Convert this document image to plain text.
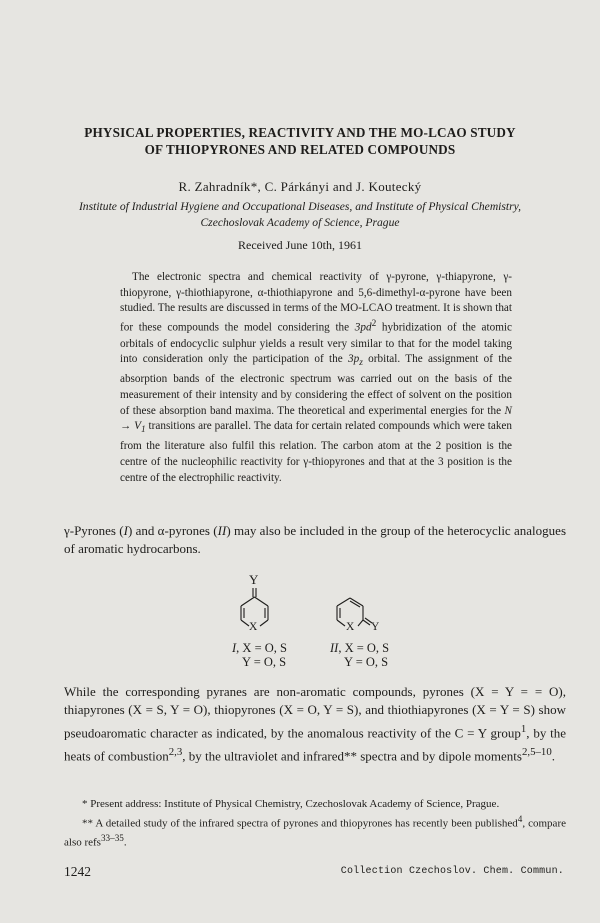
PHYSICAL PROPERTIES, REACTIVITY AND THE MO-LCAO STUDY
OF THIOPYRONES AND RELATED COMPOUNDS
R. Zahradník*, C. Párkányi and J. Koutecký
Institute of Industrial Hygiene and Occupational Diseases, and Institute of Physical Chemistry,
Czechoslovak Academy of Science, Prague
Received June 10th, 1961
The electronic spectra and chemical reactivity of γ-pyrone, γ-thiapyrone, γ-thiopyrone, γ-thiothiapyrone, α-thiothiapyrone and 5,6-dimethyl-α-pyrone have been studied. The results are discussed in terms of the MO-LCAO treatment. It is shown that for these compounds the model considering the $3pd^2$ hybridization of the atomic orbitals of endocyclic sulphur yields a result very similar to that for the model taking into consideration only the participation of the $3p_z$ orbital. The assignment of the absorption bands of the electronic spectrum was carried out on the basis of the measurement of their intensity and by considering the effect of solvent on the position of these absorption band maxima. The theoretical and experimental energies for the $N \to V_1$ transitions are parallel. The data for certain related compounds which were taken from the literature also fulfil this relation. The carbon atom at the 2 position is the centre of the nucleophilic reactivity for γ-thiopyrones and that at the 3 position is the centre of the electrophilic reactivity.
γ-Pyrones (I) and α-pyrones (II) may also be included in the group of the heterocyclic analogues of aromatic hydrocarbons.
Y
X
I, X = O, S
Y = O, S
X Y
II, X = O, S
Y = O, S
While the corresponding pyranes are non-aromatic compounds, pyrones (X = Y = = O), thiapyrones (X = S, Y = O), thiopyrones (X = O, Y = S), and thiothiapyrones (X = Y = S) show pseudoaromatic character as indicated, by the anomalous reactivity of the C = Y group$^1$, by the heats of combustion$^{2,3}$, by the ultraviolet and infrared** spectra and by dipole moments$^{2,5-10}$.
* Present address: Institute of Physical Chemistry, Czechoslovak Academy of Science, Prague.
** A detailed study of the infrared spectra of pyrones and thiopyrones has recently been published$^4$, compare also refs$^{33-35}$.
1242	Collection Czechoslov. Chem. Commun.
